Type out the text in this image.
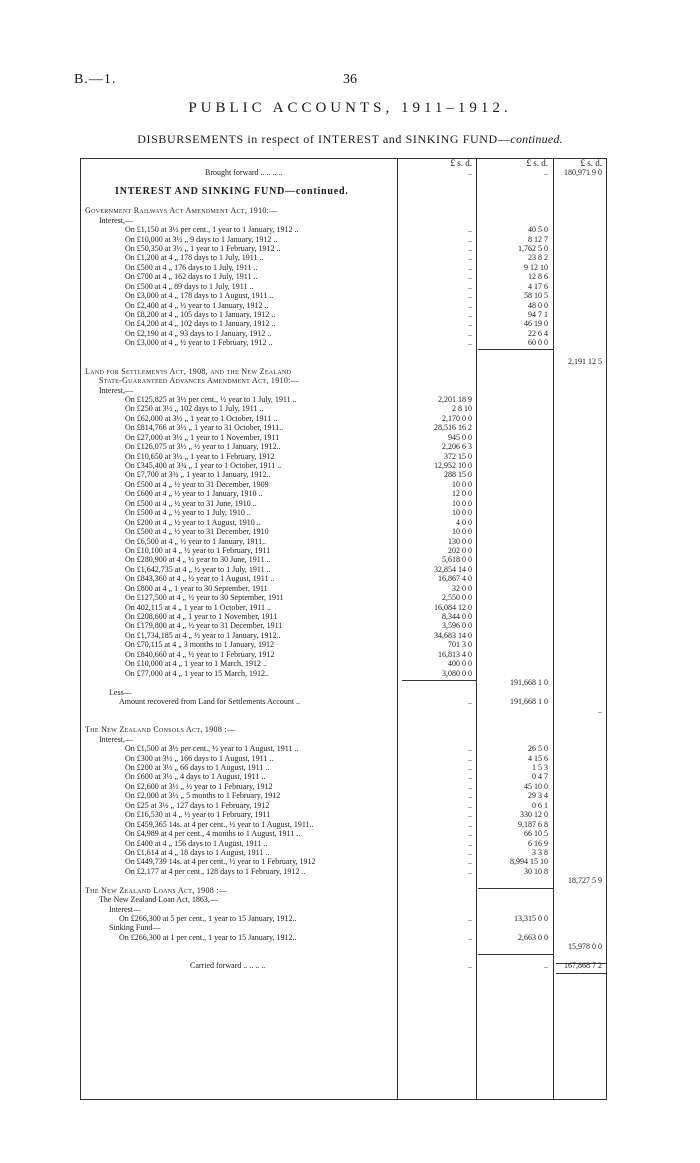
B.—1.	36
PUBLIC ACCOUNTS, 1911–1912.
DISBURSEMENTS in respect of INTEREST and SINKING FUND—continued.
£ s. d.	£ s. d.	£ s. d.
Brought forward .. .. .. ..	..	..	180,971 9 0
INTEREST AND SINKING FUND—continued.
Government Railways Act Amendment Act, 1910:—
Interest,—
On £1,150 at 3½ per cent., 1 year to 1 January, 1912 ..	..	40 5 0
On £10,000 at 3½ „ 9 days to 1 January, 1912 ..	..	8 12 7
On £50,350 at 3½ „ 1 year to 1 February, 1912 ..	..	1,762 5 0
On £1,200 at 4 „ 178 days to 1 July, 1911 ..	..	23 8 2
On £500 at 4 „ 176 days to 1 July, 1911 ..	..	9 12 10
On £700 at 4 „ 162 days to 1 July, 1911 ..	..	12 8 6
On £500 at 4 „ 89 days to 1 July, 1911 ..	..	4 17 6
On £3,000 at 4 „ 178 days to 1 August, 1911 ..	..	58 10 5
On £2,400 at 4 „ ½ year to 1 January, 1912 ..	..	48 0 0
On £8,200 at 4 „ 105 days to 1 January, 1912 ..	..	94 7 1
On £4,200 at 4 „ 102 days to 1 January, 1912 ..	..	46 19 0
On £2,190 at 4 „ 93 days to 1 January, 1912 ..	..	22 6 4
On £3,000 at 4 „ ½ year to 1 February, 1912 ..	..	60 0 0
2,191 12 5
Land for Settlements Act, 1908, and the New Zealand
State-Guaranteed Advances Amendment Act, 1910:—
Interest,—
On £125,825 at 3½ per cent., ½ year to 1 July, 1911 ..	2,201 18 9
On £250 at 3½ „ 102 days to 1 July, 1911 ..	2 8 10
On £62,000 at 3½ „ 1 year to 1 October, 1911 ..	2,170 0 0
On £814,766 at 3½ „ 1 year to 31 October, 1911..	28,516 16 2
On £27,000 at 3½ „ 1 year to 1 November, 1911	945 0 0
On £126,075 at 3½ „ ½ year to 1 January, 1912..	2,206 6 3
On £10,650 at 3½ „ 1 year to 1 February, 1912	372 15 0
On £345,400 at 3¾ „ 1 year to 1 October, 1911 ..	12,952 10 0
On £7,700 at 3¾ „ 1 year to 1 January, 1912..	288 15 0
On £500 at 4 „ ½ year to 31 December, 1909	10 0 0
On £600 at 4 „ ½ year to 1 January, 1910 ..	12 0 0
On £500 at 4 „ ½ year to 31 June, 1910 ..	10 0 0
On £500 at 4 „ ½ year to 1 July, 1910 ..	10 0 0
On £200 at 4 „ ½ year to 1 August, 1910 ..	4 0 0
On £500 at 4 „ ½ year to 31 December, 1910	10 0 0
On £6,500 at 4 „ ½ year to 1 January, 1911..	130 0 0
On £10,100 at 4 „ ½ year to 1 February, 1911	202 0 0
On £280,900 at 4 „ ½ year to 30 June, 1911 ..	5,618 0 0
On £1,642,735 at 4 „ ½ year to 1 July, 1911 ..	32,854 14 0
On £843,360 at 4 „ ½ year to 1 August, 1911 ..	16,867 4 0
On £800 at 4 „ 1 year to 30 September, 1911	32 0 0
On £127,500 at 4 „ ½ year to 30 September, 1911	2,550 0 0
On 402,115 at 4 „ 1 year to 1 October, 1911 ..	16,084 12 0
On £208,600 at 4 „ 1 year to 1 November, 1911	8,344 0 0
On £179,800 at 4 „ ½ year to 31 December, 1911	3,596 0 0
On £1,734,185 at 4 „ ½ year to 1 January, 1912..	34,683 14 0
On £70,115 at 4 „ 3 months to 1 January, 1912	701 3 0
On £840,660 at 4 „ ½ year to 1 February, 1912	16,813 4 0
On £10,000 at 4 „ 1 year to 1 March, 1912 ..	400 0 0
On £77,000 at 4 „ 1 year to 15 March, 1912..	3,080 0 0
191,668 1 0
Less—
Amount recovered from Land for Settlements Account ..	..	191,668 1 0
..
The New Zealand Consols Act, 1908 :—
Interest,—
On £1,500 at 3½ per cent., ½ year to 1 August, 1911 ..	..	26 5 0
On £300 at 3½ „ 166 days to 1 August, 1911 ..	..	4 15 6
On £200 at 3½ „ 66 days to 1 August, 1911 ..	..	1 5 3
On £600 at 3½ „ 4 days to 1 August, 1911 ..	..	0 4 7
On £2,600 at 3½ „ ½ year to 1 February, 1912	..	45 10 0
On £2,000 at 3½ „ 5 months to 1 February, 1912	..	29 3 4
On £25 at 3½ „ 127 days to 1 February, 1912	..	0 6 1
On £16,530 at 4 „ ½ year to 1 February, 1911	..	330 12 0
On £459,365 14s. at 4 per cent., ½ year to 1 August, 1911..	..	9,187 6 8
On £4,989 at 4 per cent., 4 months to 1 August, 1911 ..	..	66 10 5
On £400 at 4 „ 156 days to 1 August, 1911 ..	..	6 16 9
On £1,614 at 4 „ 18 days to 1 August, 1911 ..	..	3 3 8
On £449,739 14s. at 4 per cent., ½ year to 1 February, 1912	..	8,994 15 10
On £2,177 at 4 per cent., 128 days to 1 February, 1912 ..	..	30 10 8
18,727 5 9
The New Zealand Loans Act, 1908 :—
The New Zealand Loan Act, 1863,—
Interest—
On £266,300 at 5 per cent., 1 year to 15 January, 1912..	..	13,315 0 0
Sinking Fund—
On £266,300 at 1 per cent., 1 year to 15 January, 1912..	..	2,663 0 0
15,978 0 0
Carried forward .. .. .. ..	..	..	167,868 7 2
